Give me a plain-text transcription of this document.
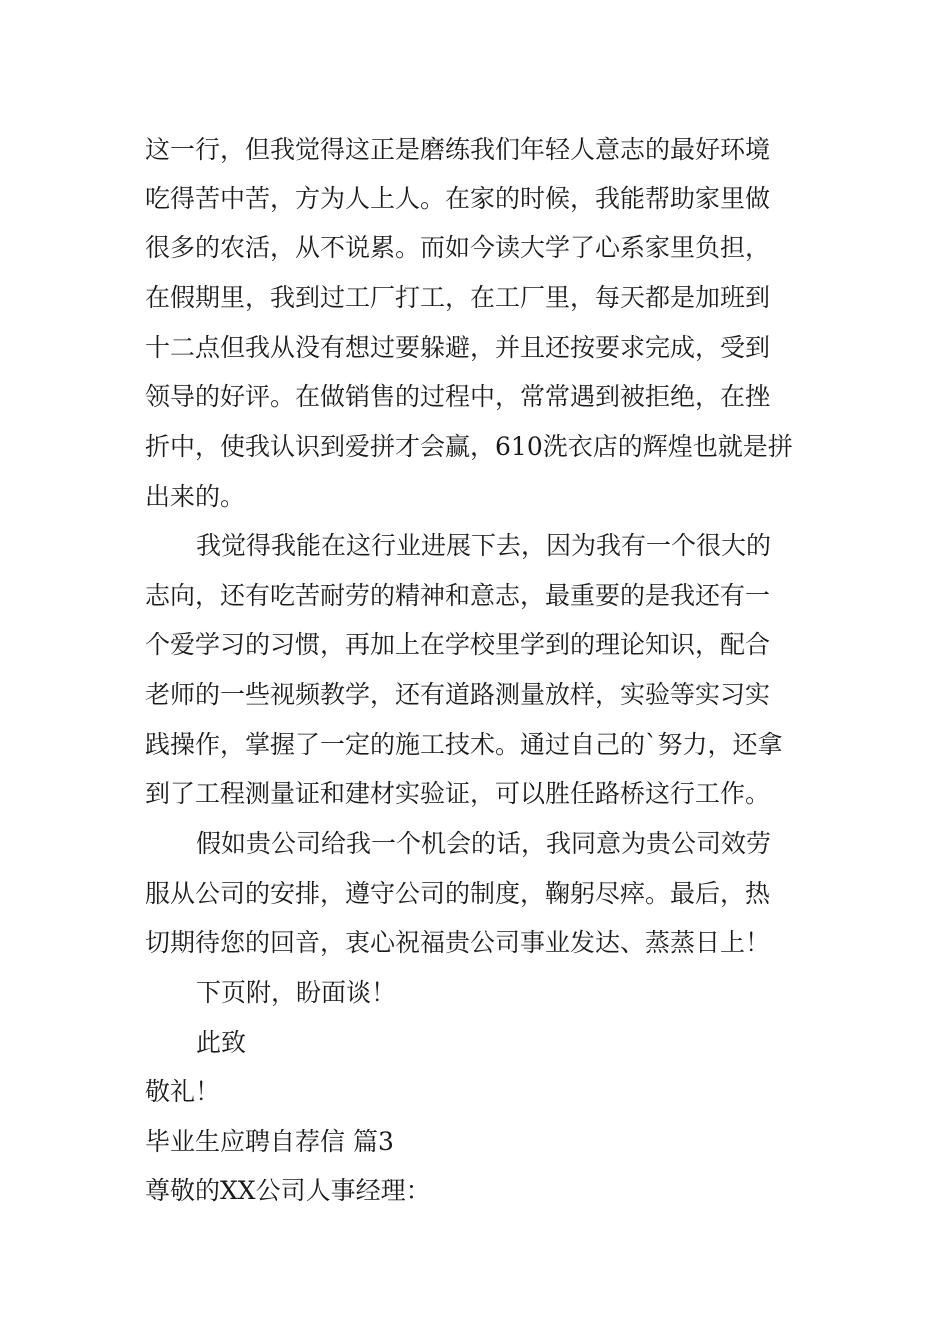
这一行，但我觉得这正是磨练我们年轻人意志的最好环境
吃得苦中苦，方为人上人。在家的时候，我能帮助家里做
很多的农活，从不说累。而如今读大学了心系家里负担，
在假期里，我到过工厂打工，在工厂里，每天都是加班到
十二点但我从没有想过要躲避，并且还按要求完成，受到
领导的好评。在做销售的过程中，常常遇到被拒绝，在挫
折中，使我认识到爱拼才会赢，610洗衣店的辉煌也就是拼
出来的。
我觉得我能在这行业进展下去，因为我有一个很大的
志向，还有吃苦耐劳的精神和意志，最重要的是我还有一
个爱学习的习惯，再加上在学校里学到的理论知识，配合
老师的一些视频教学，还有道路测量放样，实验等实习实
践操作，掌握了一定的施工技术。通过自己的`努力，还拿
到了工程测量证和建材实验证，可以胜任路桥这行工作。
假如贵公司给我一个机会的话，我同意为贵公司效劳
服从公司的安排，遵守公司的制度，鞠躬尽瘁。最后，热
切期待您的回音，衷心祝福贵公司事业发达、蒸蒸日上！
下页附，盼面谈！
此致
敬礼！
毕业生应聘自荐信 篇3
尊敬的XX公司人事经理：
